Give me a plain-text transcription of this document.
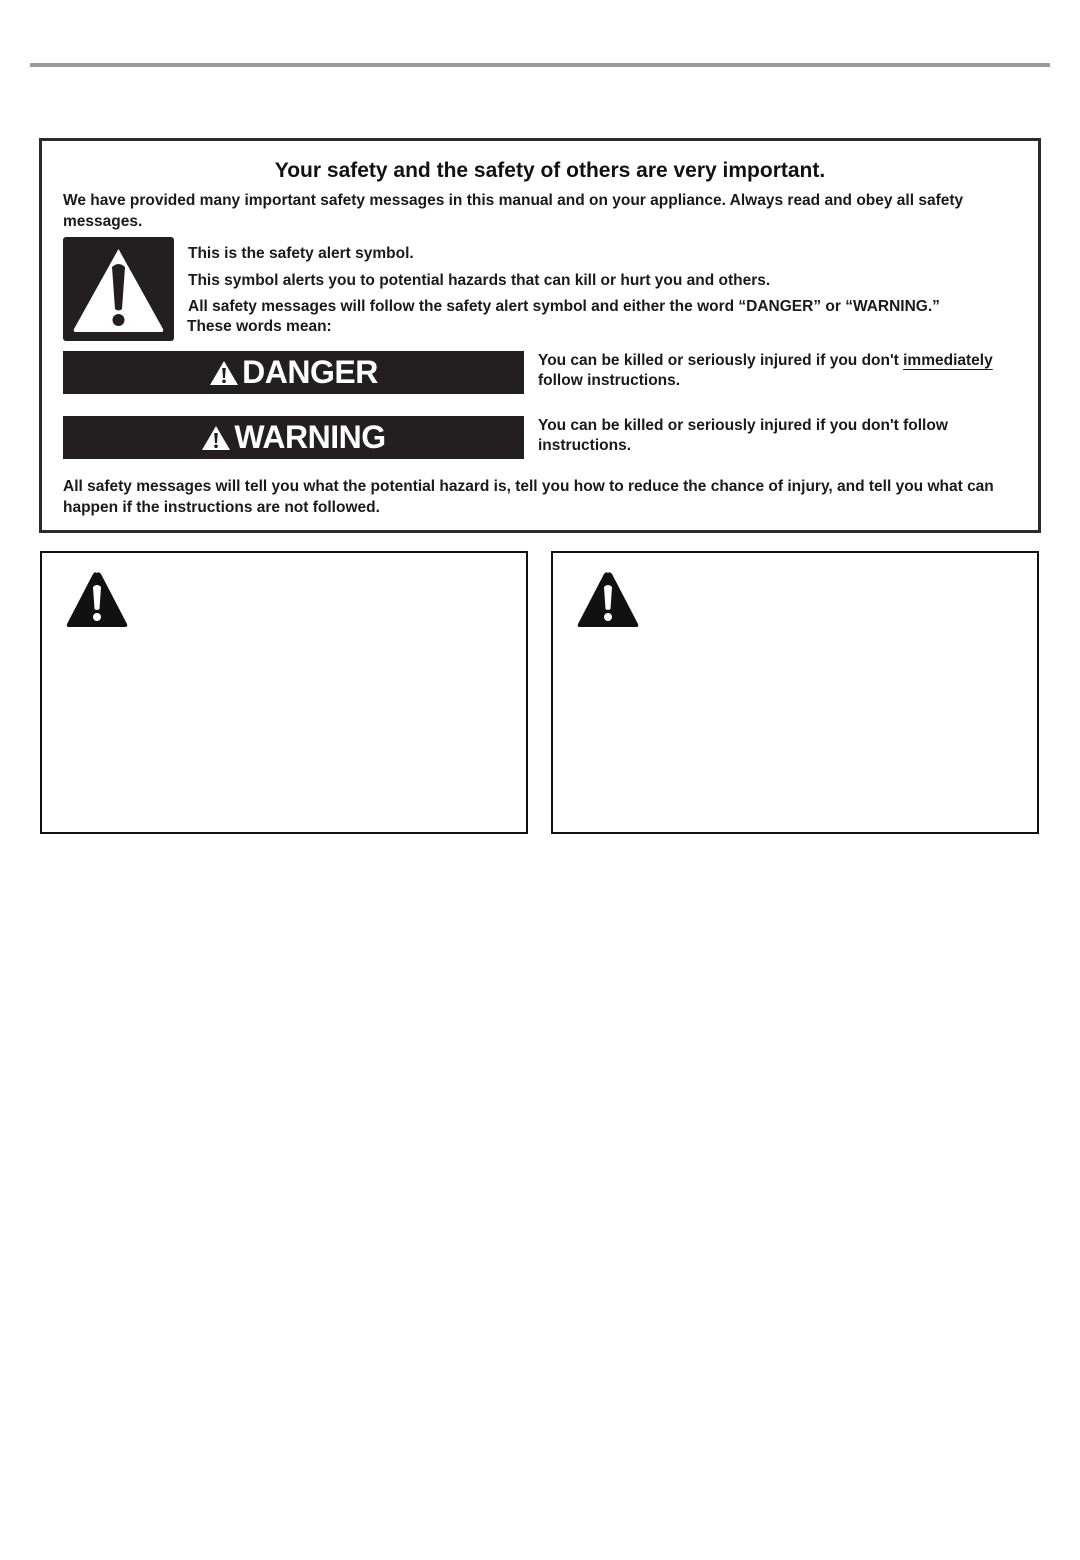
Your safety and the safety of others are very important.
We have provided many important safety messages in this manual and on your appliance. Always read and obey all safety messages.
This is the safety alert symbol.
This symbol alerts you to potential hazards that can kill or hurt you and others.
All safety messages will follow the safety alert symbol and either the word “DANGER” or “WARNING.”
These words mean:
DANGER	You can be killed or seriously injured if you don't immediately
follow instructions.
WARNING	You can be killed or seriously injured if you don't follow instructions.
All safety messages will tell you what the potential hazard is, tell you how to reduce the chance of injury, and tell you what can happen if the instructions are not followed.
